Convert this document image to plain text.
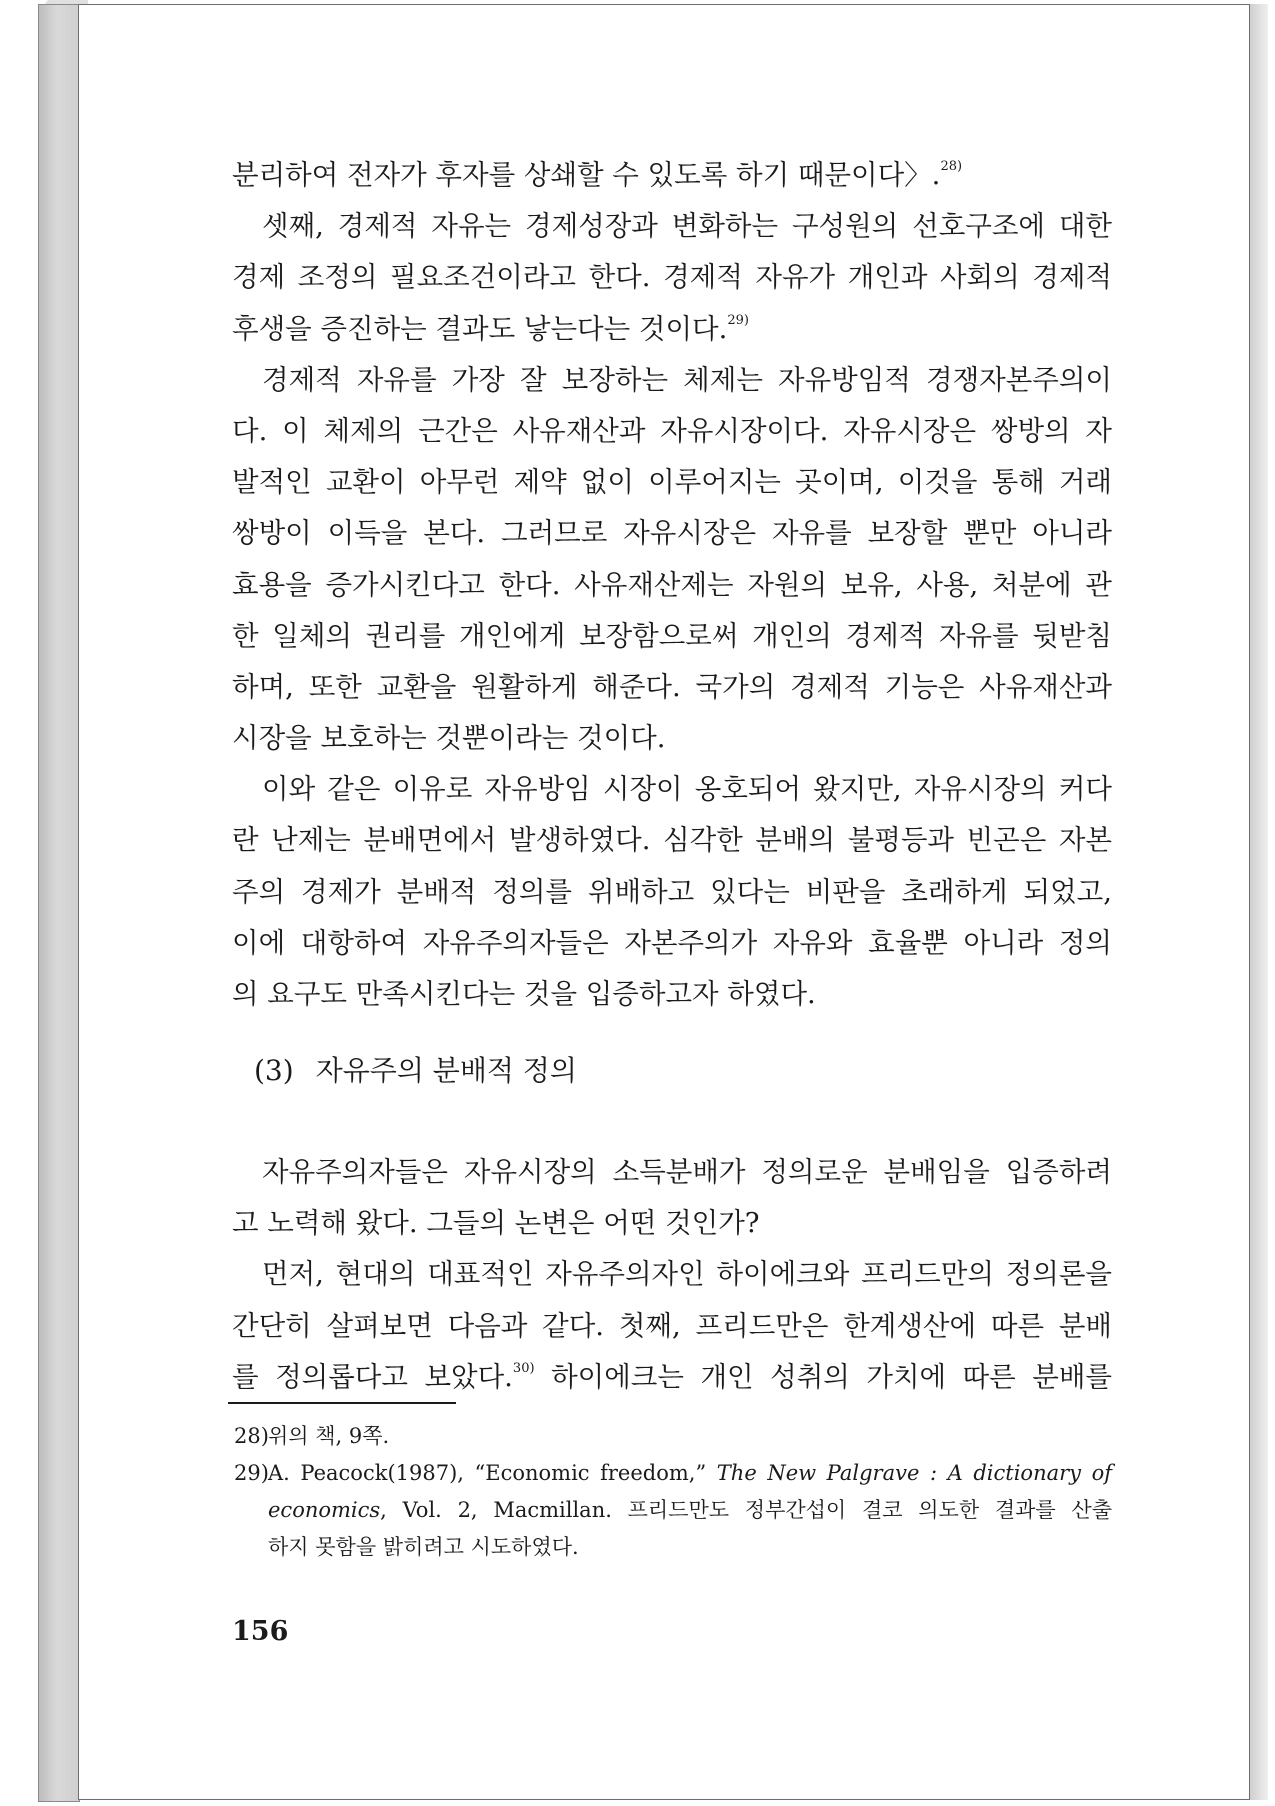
분리하여 전자가 후자를 상쇄할 수 있도록 하기 때문이다〉.$^{28)}$
셋째, 경제적 자유는 경제성장과 변화하는 구성원의 선호구조에 대한
경제 조정의 필요조건이라고 한다. 경제적 자유가 개인과 사회의 경제적
후생을 증진하는 결과도 낳는다는 것이다.$^{29)}$
경제적 자유를 가장 잘 보장하는 체제는 자유방임적 경쟁자본주의이
다. 이 체제의 근간은 사유재산과 자유시장이다. 자유시장은 쌍방의 자
발적인 교환이 아무런 제약 없이 이루어지는 곳이며, 이것을 통해 거래
쌍방이 이득을 본다. 그러므로 자유시장은 자유를 보장할 뿐만 아니라
효용을 증가시킨다고 한다. 사유재산제는 자원의 보유, 사용, 처분에 관
한 일체의 권리를 개인에게 보장함으로써 개인의 경제적 자유를 뒷받침
하며, 또한 교환을 원활하게 해준다. 국가의 경제적 기능은 사유재산과
시장을 보호하는 것뿐이라는 것이다.
이와 같은 이유로 자유방임 시장이 옹호되어 왔지만, 자유시장의 커다
란 난제는 분배면에서 발생하였다. 심각한 분배의 불평등과 빈곤은 자본
주의 경제가 분배적 정의를 위배하고 있다는 비판을 초래하게 되었고,
이에 대항하여 자유주의자들은 자본주의가 자유와 효율뿐 아니라 정의
의 요구도 만족시킨다는 것을 입증하고자 하였다.
(3) 자유주의 분배적 정의
자유주의자들은 자유시장의 소득분배가 정의로운 분배임을 입증하려
고 노력해 왔다. 그들의 논변은 어떤 것인가?
먼저, 현대의 대표적인 자유주의자인 하이에크와 프리드만의 정의론을
간단히 살펴보면 다음과 같다. 첫째, 프리드만은 한계생산에 따른 분배
를 정의롭다고 보았다.$^{30)}$ 하이에크는 개인 성취의 가치에 따른 분배를
28) 위의 책, 9쪽.
29) A. Peacock(1987), “Economic freedom,” The New Palgrave : A dictionary of
economics, Vol. 2, Macmillan. 프리드만도 정부간섭이 결코 의도한 결과를 산출
하지 못함을 밝히려고 시도하였다.
156
